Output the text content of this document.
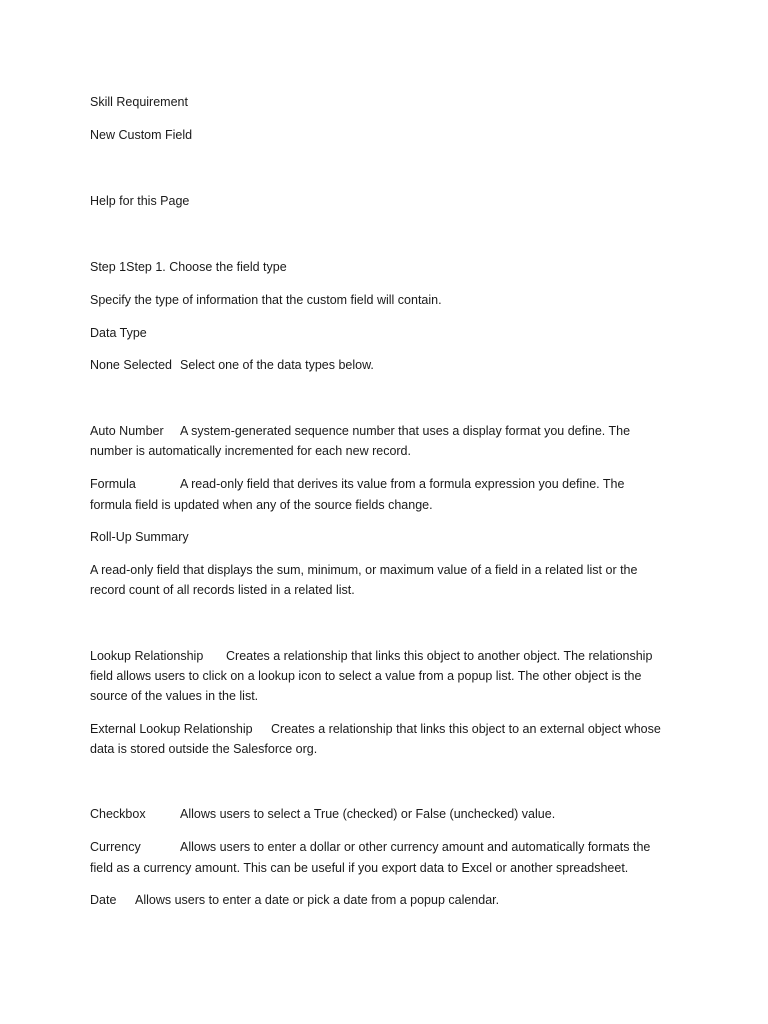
Skill Requirement
New Custom Field
Help for this Page
Step 1Step 1. Choose the field type
Specify the type of information that the custom field will contain.
Data Type
None Selected Select one of the data types below.
Auto Number A system-generated sequence number that uses a display format you define. The
number is automatically incremented for each new record.
Formula	A read-only field that derives its value from a formula expression you define. The
formula field is updated when any of the source fields change.
Roll-Up Summary
A read-only field that displays the sum, minimum, or maximum value of a field in a related list or the
record count of all records listed in a related list.
Lookup Relationship Creates a relationship that links this object to another object. The relationship
field allows users to click on a lookup icon to select a value from a popup list. The other object is the
source of the values in the list.
External Lookup Relationship Creates a relationship that links this object to an external object whose
data is stored outside the Salesforce org.
Checkbox	Allows users to select a True (checked) or False (unchecked) value.
Currency	Allows users to enter a dollar or other currency amount and automatically formats the
field as a currency amount. This can be useful if you export data to Excel or another spreadsheet.
Date Allows users to enter a date or pick a date from a popup calendar.
